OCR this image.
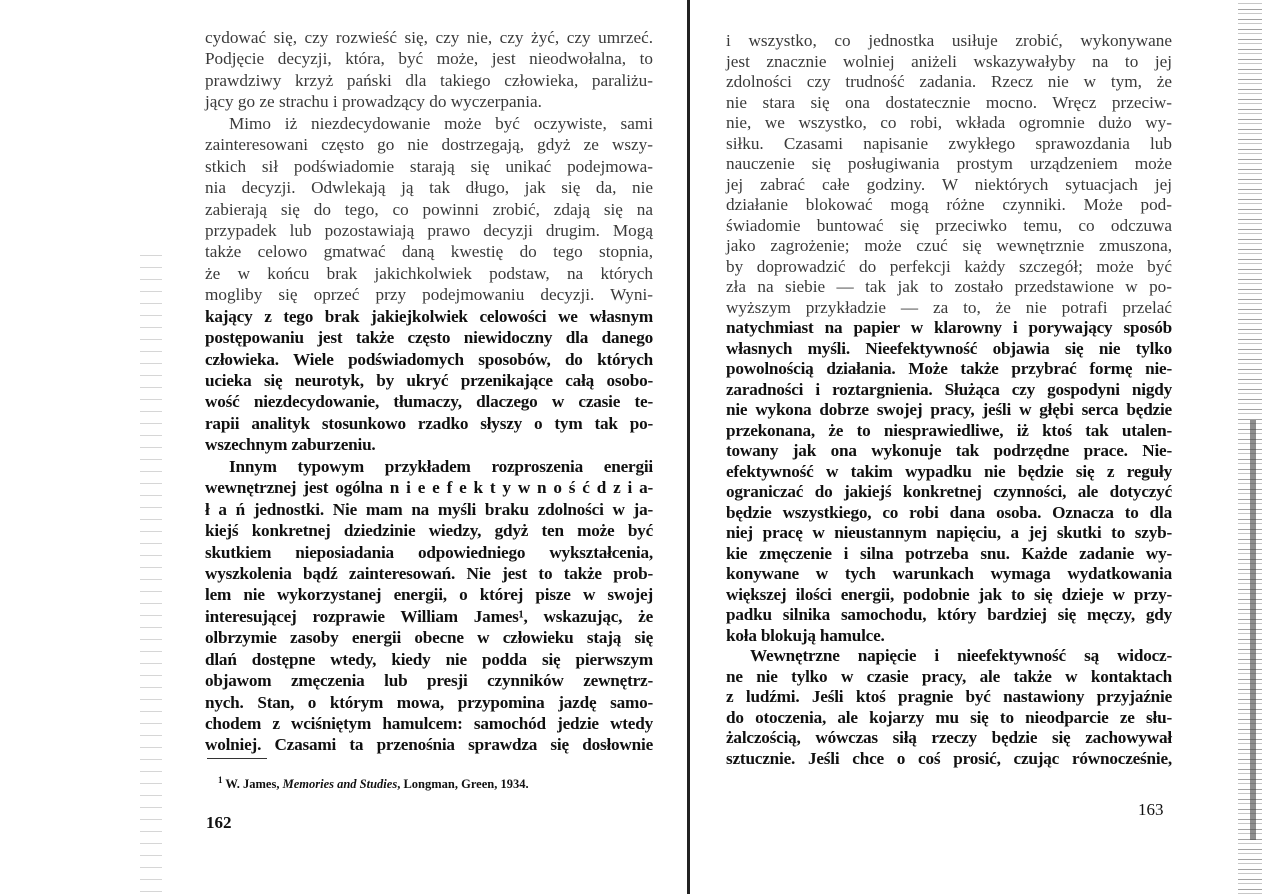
cydować się, czy rozwieść się, czy nie, czy żyć, czy umrzeć.
Podjęcie decyzji, która, być może, jest nieodwołalna, to
prawdziwy krzyż pański dla takiego człowieka, paraliżu-
jący go ze strachu i prowadzący do wyczerpania.
Mimo iż niezdecydowanie może być oczywiste, sami
zainteresowani często go nie dostrzegają, gdyż ze wszy-
stkich sił podświadomie starają się unikać podejmowa-
nia decyzji. Odwlekają ją tak długo, jak się da, nie
zabierają się do tego, co powinni zrobić, zdają się na
przypadek lub pozostawiają prawo decyzji drugim. Mogą
także celowo gmatwać daną kwestię do tego stopnia,
że w końcu brak jakichkolwiek podstaw, na których
mogliby się oprzeć przy podejmowaniu decyzji. Wyni-
kający z tego brak jakiejkolwiek celowości we własnym
postępowaniu jest także często niewidoczny dla danego
człowieka. Wiele podświadomych sposobów, do których
ucieka się neurotyk, by ukryć przenikające całą osobo-
wość niezdecydowanie, tłumaczy, dlaczego w czasie te-
rapii analityk stosunkowo rzadko słyszy o tym tak po-
wszechnym zaburzeniu.
Innym typowym przykładem rozproszenia energii
wewnętrznej jest ogólna n i e e f e k t y w n o ś ć d z i a-
ł a ń jednostki. Nie mam na myśli braku zdolności w ja-
kiejś konkretnej dziedzinie wiedzy, gdyż ten może być
skutkiem nieposiadania odpowiedniego wykształcenia,
wyszkolenia bądź zainteresowań. Nie jest to także prob-
lem nie wykorzystanej energii, o której pisze w swojej
interesującej rozprawie William James¹, wskazując, że
olbrzymie zasoby energii obecne w człowieku stają się
dlań dostępne wtedy, kiedy nie podda się pierwszym
objawom zmęczenia lub presji czynników zewnętrz-
nych. Stan, o którym mowa, przypomina jazdę samo-
chodem z wciśniętym hamulcem: samochód jedzie wtedy
wolniej. Czasami ta przenośnia sprawdza się dosłownie
i wszystko, co jednostka usiłuje zrobić, wykonywane
jest znacznie wolniej aniżeli wskazywałyby na to jej
zdolności czy trudność zadania. Rzecz nie w tym, że
nie stara się ona dostatecznie mocno. Wręcz przeciw-
nie, we wszystko, co robi, wkłada ogromnie dużo wy-
siłku. Czasami napisanie zwykłego sprawozdania lub
nauczenie się posługiwania prostym urządzeniem może
jej zabrać całe godziny. W niektórych sytuacjach jej
działanie blokować mogą różne czynniki. Może pod-
świadomie buntować się przeciwko temu, co odczuwa
jako zagrożenie; może czuć się wewnętrznie zmuszona,
by doprowadzić do perfekcji każdy szczegół; może być
zła na siebie — tak jak to zostało przedstawione w po-
wyższym przykładzie — za to, że nie potrafi przelać
natychmiast na papier w klarowny i porywający sposób
własnych myśli. Nieefektywność objawia się nie tylko
powolnością działania. Może także przybrać formę nie-
zaradności i roztargnienia. Służąca czy gospodyni nigdy
nie wykona dobrze swojej pracy, jeśli w głębi serca będzie
przekonana, że to niesprawiedliwe, iż ktoś tak utalen-
towany jak ona wykonuje tak podrzędne prace. Nie-
efektywność w takim wypadku nie będzie się z reguły
ograniczać do jakiejś konkretnej czynności, ale dotyczyć
będzie wszystkiego, co robi dana osoba. Oznacza to dla
niej pracę w nieustannym napięciu, a jej skutki to szyb-
kie zmęczenie i silna potrzeba snu. Każde zadanie wy-
konywane w tych warunkach wymaga wydatkowania
większej ilości energii, podobnie jak to się dzieje w przy-
padku silnika samochodu, który bardziej się męczy, gdy
koła blokują hamulce.
Wewnętrzne napięcie i nieefektywność są widocz-
ne nie tylko w czasie pracy, ale także w kontaktach
z ludźmi. Jeśli ktoś pragnie być nastawiony przyjaźnie
do otoczenia, ale kojarzy mu się to nieodparcie ze słu-
żalczością, wówczas siłą rzeczy będzie się zachowywał
sztucznie. Jeśli chce o coś prosić, czując równocześnie,
$^1$ W. James, Memories and Studies, Longman, Green, 1934.
162
163
